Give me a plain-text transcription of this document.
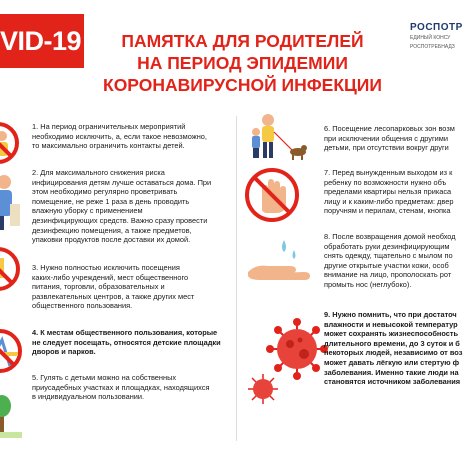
VID-19	ПАМЯТКА ДЛЯ РОДИТЕЛЕЙ
НА ПЕРИОД ЭПИДЕМИИ
КОРОНАВИРУСНОЙ ИНФЕКЦИИ
РОСПОТР
ЕДИНЫЙ КОНСУ
РОСПОТРЕБНАДЗ
1. На период ограничительных мероприятий
необходимо исключить, а, если такое невозможно,
то максимально ограничить контакты детей.
2. Для максимального снижения риска
инфицирования детям лучше оставаться дома. При
этом необходимо регулярно проветривать
помещение, не реже 1 раза в день проводить
влажную уборку с применением
дезинфицирующих средств. Важно сразу провести
дезинфекцию помещения, а также предметов,
упаковки продуктов после доставки их домой.
3. Нужно полностью исключить посещения
каких-либо учреждений, мест общественного
питания, торговли, образовательных и
развлекательных центров, а также других мест
общественного пользования.
4. К местам общественного пользования, которые
не следует посещать, относятся детские площадки
дворов и парков.
5. Гулять с детьми можно на собственных
приусадебных участках и площадках, находящихся
в индивидуальном пользовании.
6. Посещение лесопарковых зон возм
при исключении общения с другими
детьми, при отсутствии вокруг други
7. Перед вынужденным выходом из к
ребенку по возможности нужно объ
пределами квартиры нельзя прикаса
лицу и к каким-либо предметам: двер
поручням и перилам, стенам, кнопка
8. После возвращения домой необход
обработать руки дезинфицирующим
снять одежду, тщательно с мылом по
другие открытые участки кожи, особ
внимание на лицо, прополоскать рот
промыть нос (неглубоко).
9. Нужно помнить, что при достаточ
влажности и невысокой температур
может сохранять жизнеспособность
длительного времени, до 3 суток и б
некоторых людей, независимо от воз
может давать лёгкую или стертую ф
заболевания. Именно такие люди на
становятся источником заболевания
